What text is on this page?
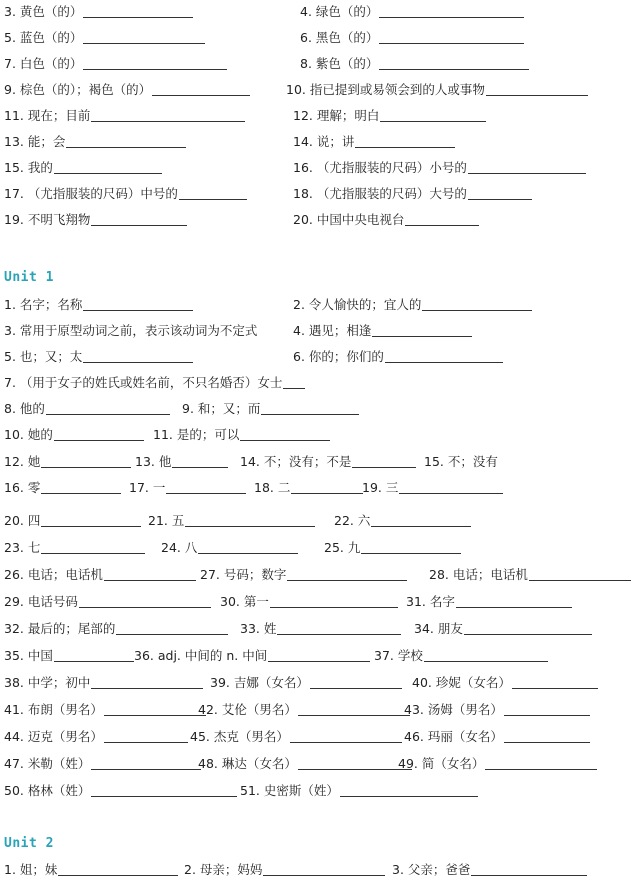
3. 黄色（的）	4. 绿色（的）
5. 蓝色（的）	6. 黑色（的）
7. 白色（的）	8. 紫色（的）
9. 棕色（的）；褐色（的）	10. 指已提到或易领会到的人或事物
11. 现在；目前	12. 理解；明白
13. 能；会	14. 说；讲
15. 我的	16. （尤指服装的尺码）小号的
17. （尤指服装的尺码）中号的	18. （尤指服装的尺码）大号的
19. 不明飞翔物	20. 中国中央电视台
Unit 1
1. 名字；名称	2. 令人愉快的；宜人的
3. 常用于原型动词之前，表示该动词为不定式	4. 遇见；相逢
5. 也；又；太	6. 你的；你们的
7. （用于女子的姓氏或姓名前，不只名婚否）女士
8. 他的	9. 和；又；而
10. 她的	11. 是的；可以
12. 她	13. 他	14. 不；没有；不是	15. 不；没有
16. 零	17. 一	18. 二	19. 三
20. 四	21. 五	22. 六
23. 七	24. 八	25. 九
26. 电话；电话机	27. 号码；数字	28. 电话；电话机
29. 电话号码	30. 第一	31. 名字
32. 最后的；尾部的	33. 姓	34. 朋友
35. 中国	36. adj. 中间的 n. 中间	37. 学校
38. 中学；初中	39. 吉娜（女名）	40. 珍妮（女名）
41. 布朗（男名）	42. 艾伦（男名）	43. 汤姆（男名）
44. 迈克（男名）	45. 杰克（男名）	46. 玛丽（女名）
47. 米勒（姓）	48. 琳达（女名）	49. 简（女名）
50. 格林（姓）	51. 史密斯（姓）
Unit 2
1. 姐；妹	2. 母亲；妈妈	3. 父亲；爸爸
